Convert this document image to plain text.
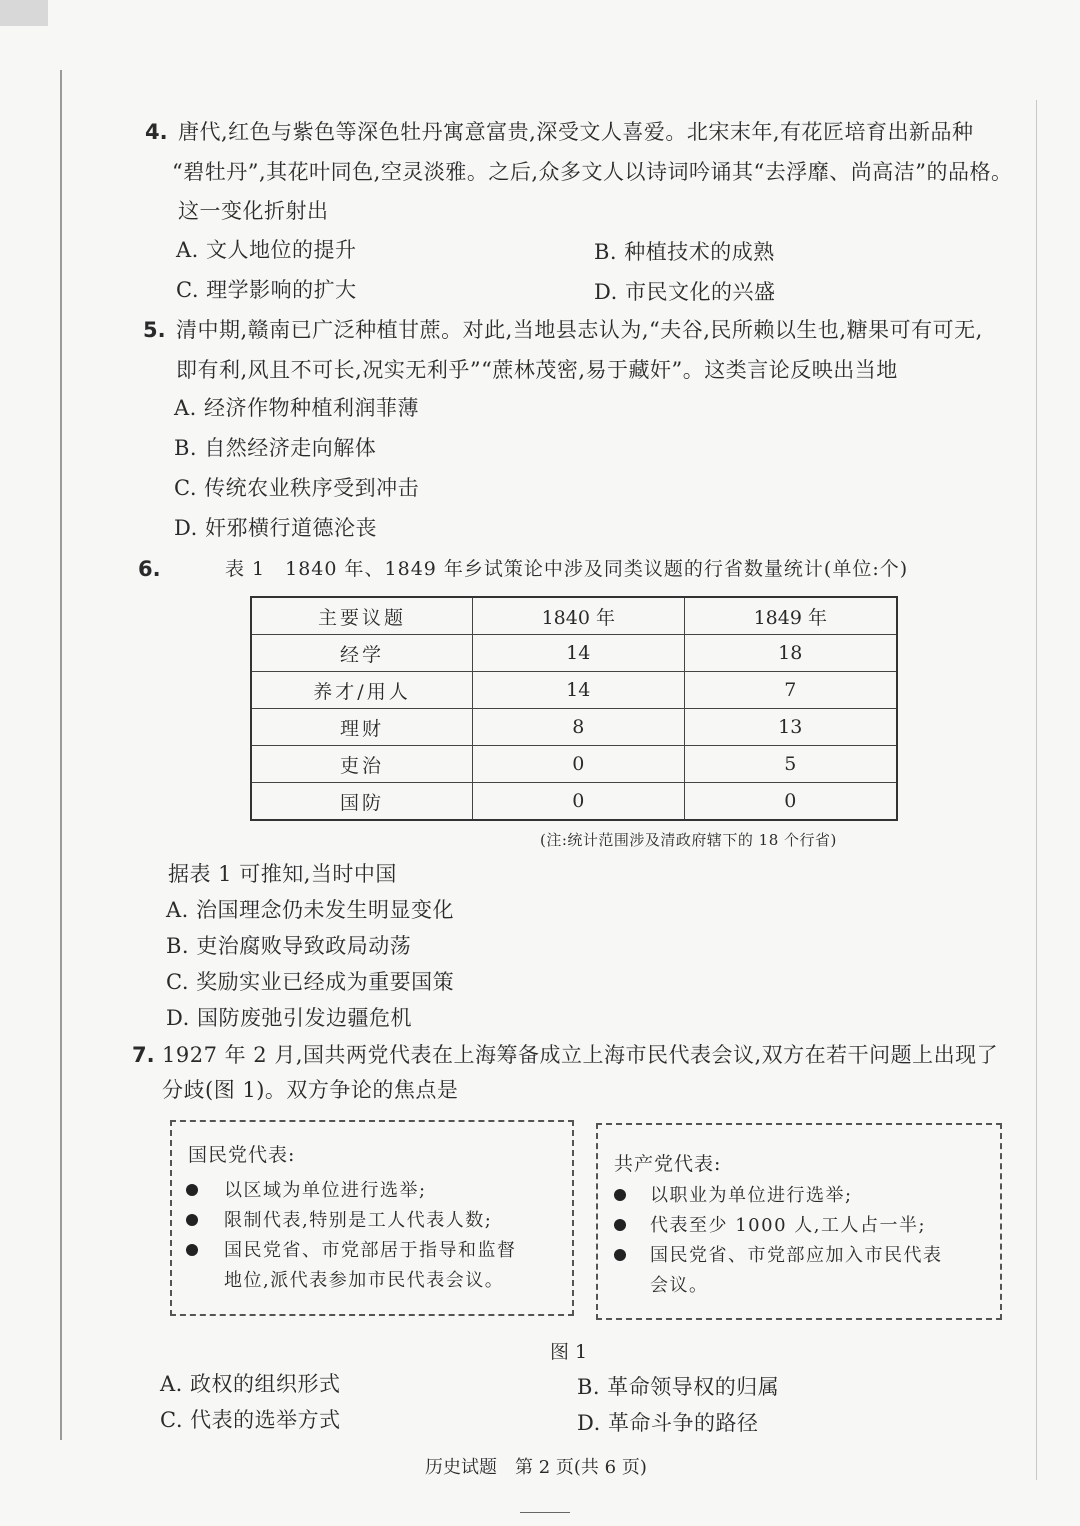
4. 唐代,红色与紫色等深色牡丹寓意富贵,深受文人喜爱。北宋末年,有花匠培育出新品种
“碧牡丹”,其花叶同色,空灵淡雅。之后,众多文人以诗词吟诵其“去浮靡、尚高洁”的品格。
这一变化折射出
A. 文人地位的提升	B. 种植技术的成熟
C. 理学影响的扩大	D. 市民文化的兴盛
5. 清中期,赣南已广泛种植甘蔗。对此,当地县志认为,“夫谷,民所赖以生也,糖果可有可无,
即有利,风且不可长,况实无利乎”“蔗林茂密,易于藏奸”。这类言论反映出当地
A. 经济作物种植利润菲薄
B. 自然经济走向解体
C. 传统农业秩序受到冲击
D. 奸邪横行道德沦丧
6.	表 1　1840 年、1849 年乡试策论中涉及同类议题的行省数量统计(单位:个)
主要议题	1840 年	1849 年
经学	14	18
养才/用人	14	7
理财	8	13
吏治	0	5
国防	0	0
(注:统计范围涉及清政府辖下的 18 个行省)
据表 1 可推知,当时中国
A. 治国理念仍未发生明显变化
B. 吏治腐败导致政局动荡
C. 奖励实业已经成为重要国策
D. 国防废弛引发边疆危机
7. 1927 年 2 月,国共两党代表在上海筹备成立上海市民代表会议,双方在若干问题上出现了
分歧(图 1)。双方争论的焦点是
国民党代表:
以区域为单位进行选举;
限制代表,特别是工人代表人数;
国民党省、市党部居于指导和监督
地位,派代表参加市民代表会议。
共产党代表:
以职业为单位进行选举;
代表至少 1000 人,工人占一半;
国民党省、市党部应加入市民代表
会议。
图 1
A. 政权的组织形式	B. 革命领导权的归属
C. 代表的选举方式	D. 革命斗争的路径
历史试题　第 2 页(共 6 页)
